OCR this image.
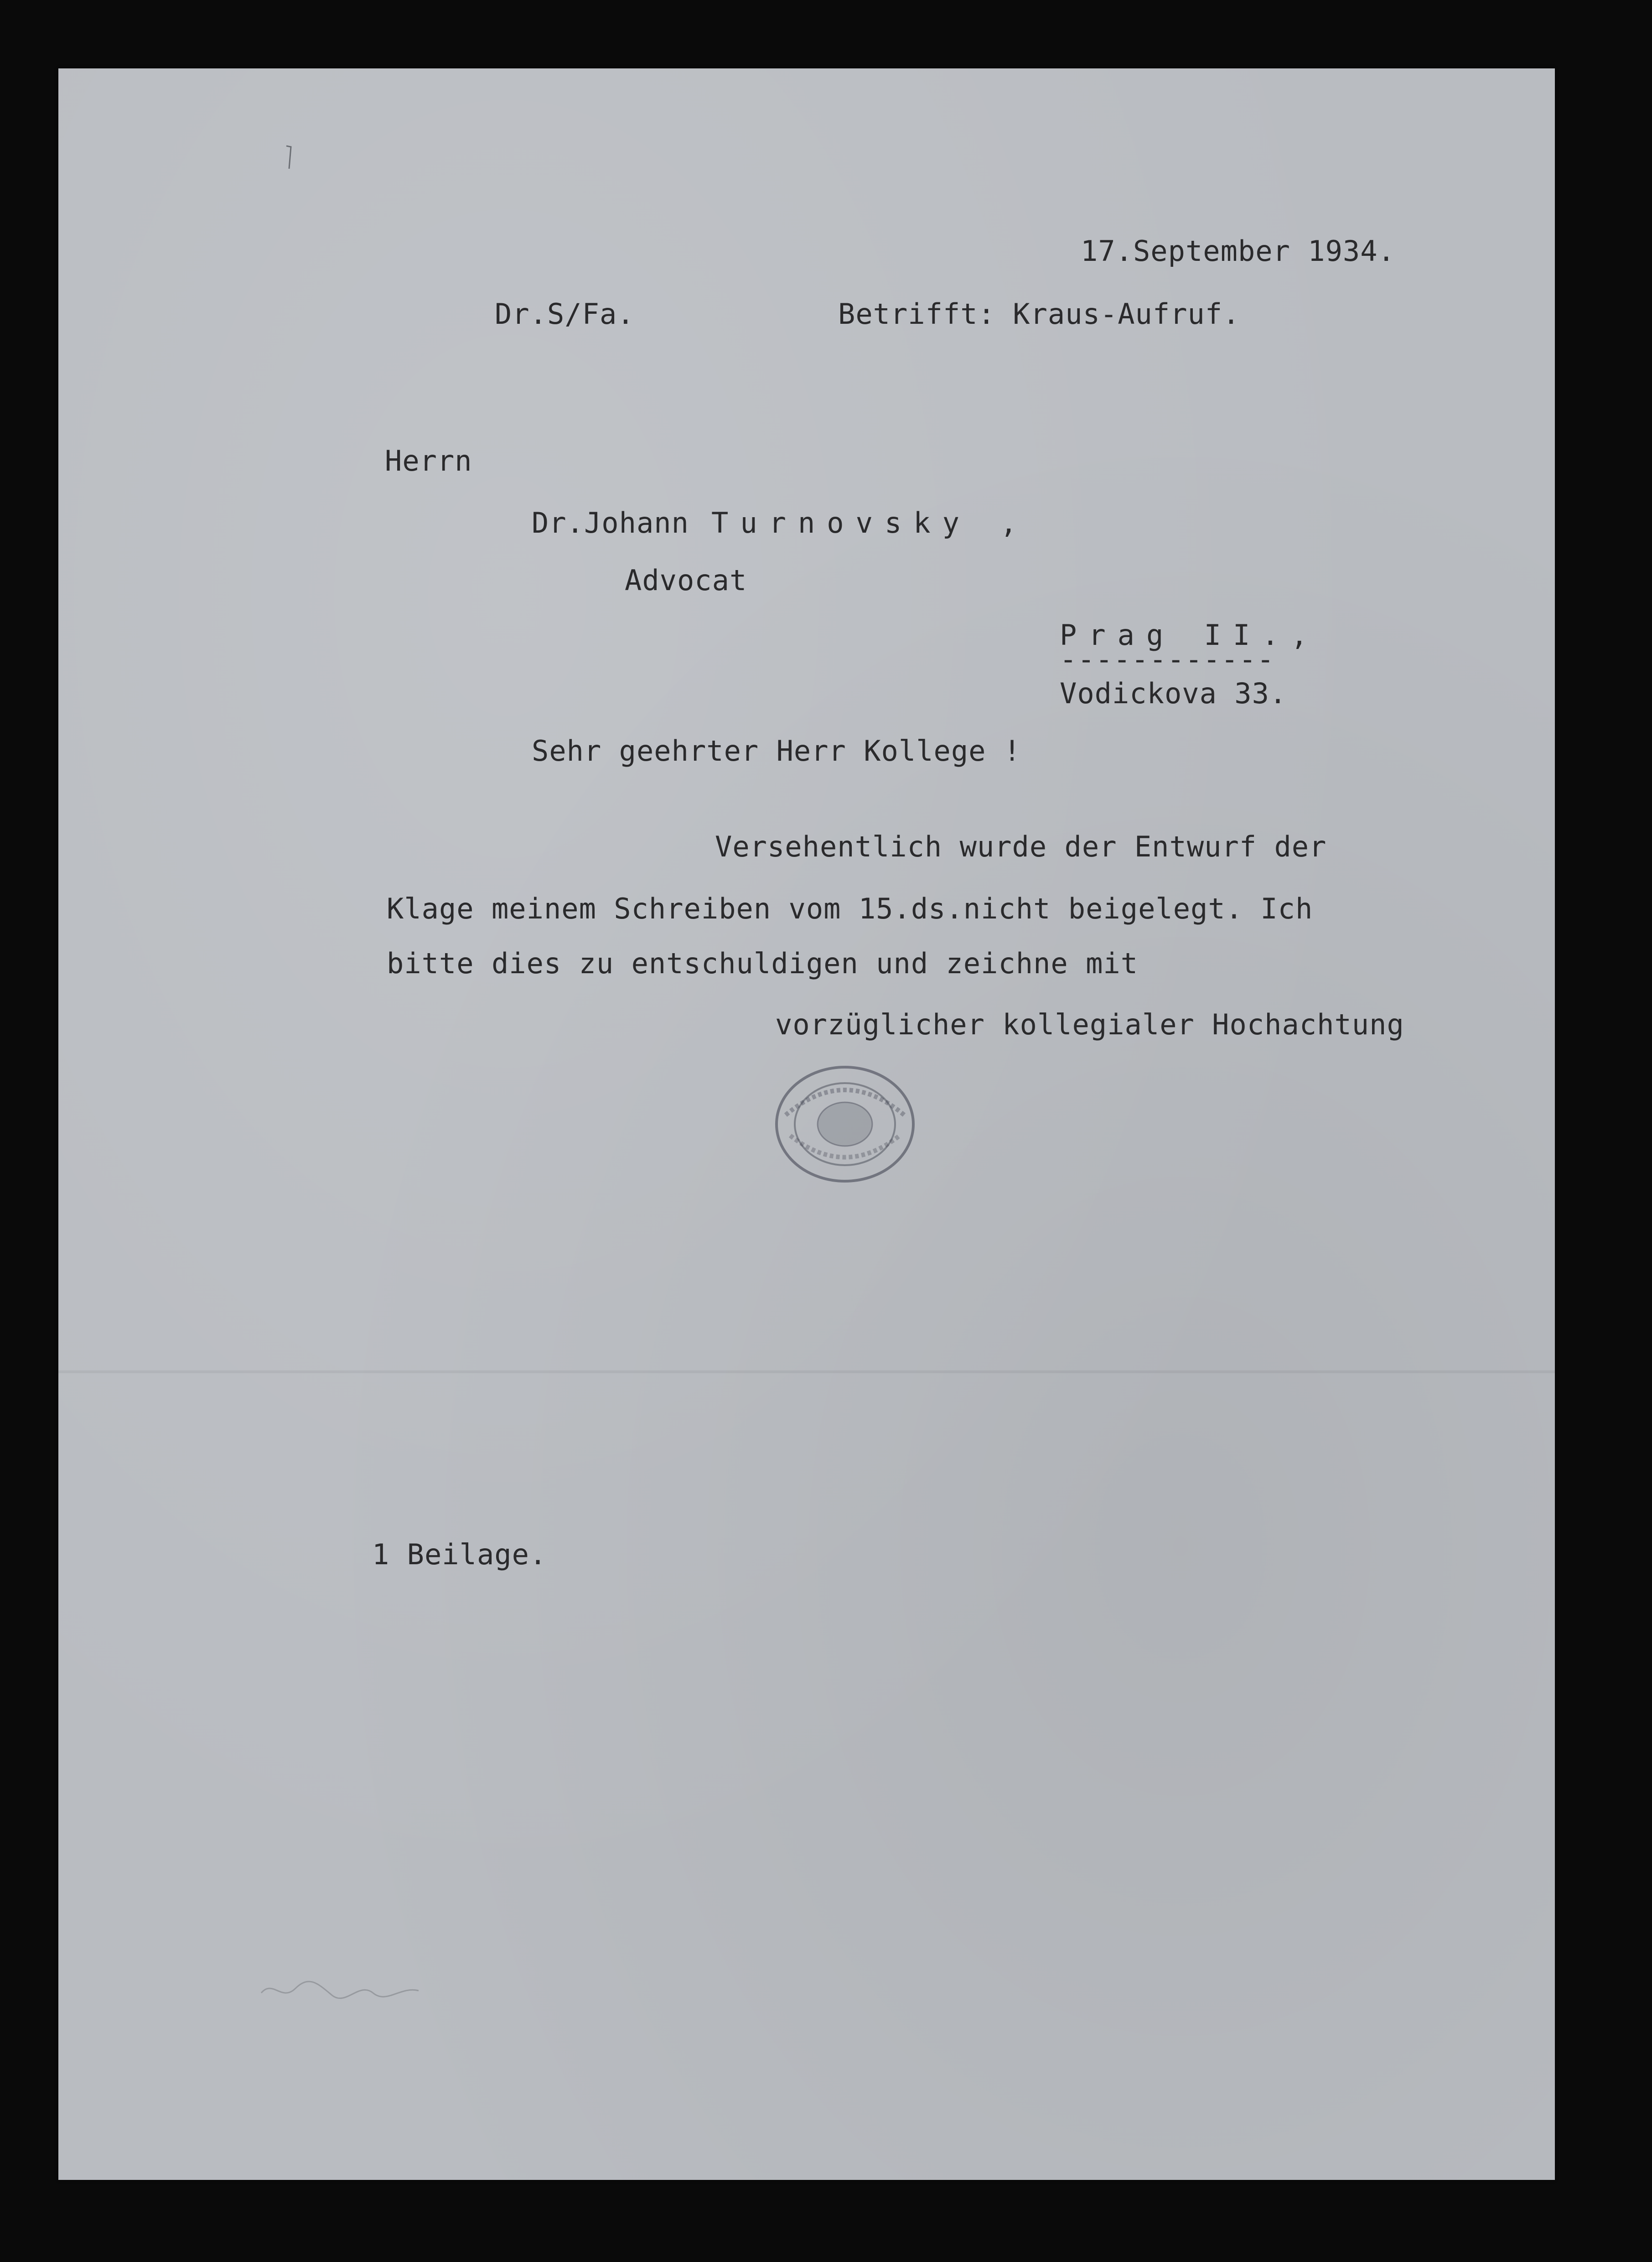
17.September 1934.
Dr.S/Fa.	Betrifft: Kraus-Aufruf.
Herrn
Dr.Johann Turnovsky ,
Advocat
Prag II.,
------------
Vodickova 33.
Sehr geehrter Herr Kollege !
Versehentlich wurde der Entwurf der
Klage meinem Schreiben vom 15.ds.nicht beigelegt. Ich
bitte dies zu entschuldigen und zeichne mit
vorzüglicher kollegialer Hochachtung
1 Beilage.
